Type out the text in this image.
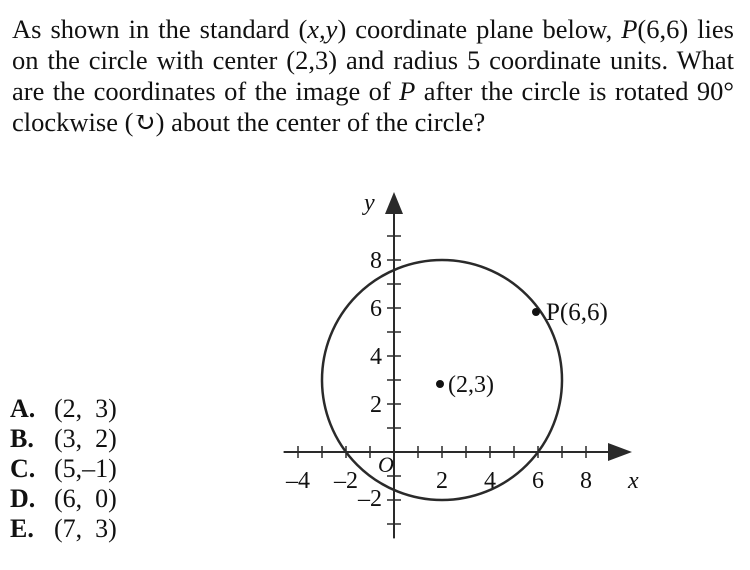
As shown in the standard (x,y) coordinate plane below, P(6,6) lies on the circle with center (2,3) and radius 5 coordinate units. What are the coordinates of the image of P after the circle is rotated 90° clockwise (↻) about the center of the circle?
A. (2,  3)
B. (3,  2)
C. (5,–1)
D. (6,  0)
E. (7,  3)
–4 –2	2 4 6 8
8
6
4
2
–2
x
y
O
(2,3)
P(6,6)
